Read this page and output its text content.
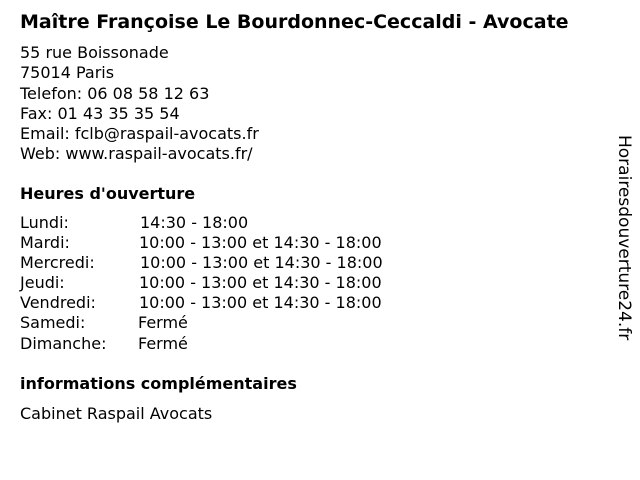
Maître Françoise Le Bourdonnec-Ceccaldi - Avocate
55 rue Boissonade
75014 Paris
Telefon: 06 08 58 12 63
Fax: 01 43 35 35 54
Email: fclb@raspail-avocats.fr
Web: www.raspail-avocats.fr/
Heures d'ouverture
Lundi:	14:30 - 18:00
Mardi:	10:00 - 13:00 et 14:30 - 18:00
Mercredi:	10:00 - 13:00 et 14:30 - 18:00
Jeudi:	10:00 - 13:00 et 14:30 - 18:00
Vendredi:	10:00 - 13:00 et 14:30 - 18:00
Samedi:	Fermé
Dimanche:	Fermé
informations complémentaires
Cabinet Raspail Avocats
Horairesdouverture24.fr
